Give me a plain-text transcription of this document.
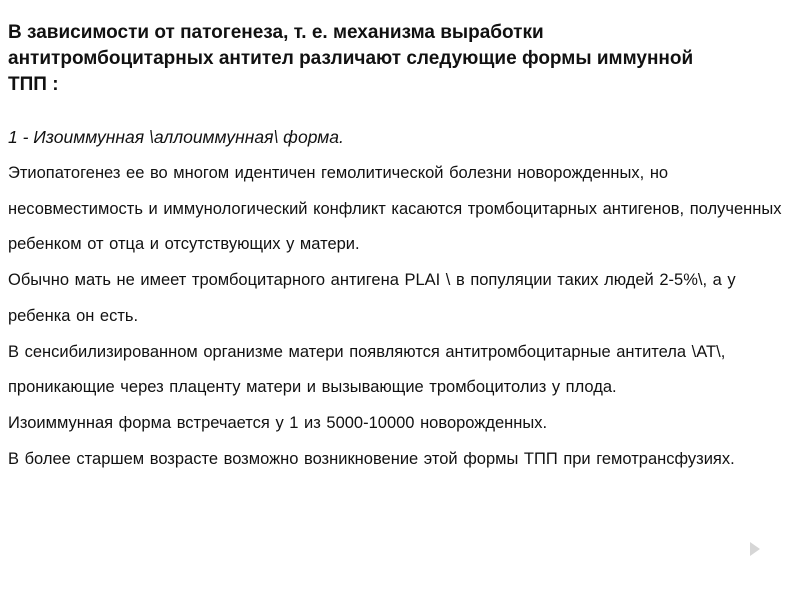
В зависимости от патогенеза, т. е. механизма выработки антитромбоцитарных антител различают следующие формы иммунной ТПП :

1 - Изоиммунная \аллоиммунная\ форма.

Этиопатогенез ее во многом идентичен гемолитической болезни новорожденных, но несовместимость и иммунологический конфликт касаются тромбоцитарных антигенов, полученных ребенком от отца и отсутствующих у матери.

Обычно мать не имеет тромбоцитарного антигена PLAI \ в популяции таких людей 2-5%\, а у ребенка он есть.

В сенсибилизированном организме матери появляются антитромбоцитарные антитела \AT\, проникающие через плаценту матери и вызывающие тромбоцитолиз у плода.

Изоиммунная форма встречается у 1 из 5000-10000 новорожденных.

В более старшем возрасте возможно возникновение этой формы ТПП при гемотрансфузиях.
